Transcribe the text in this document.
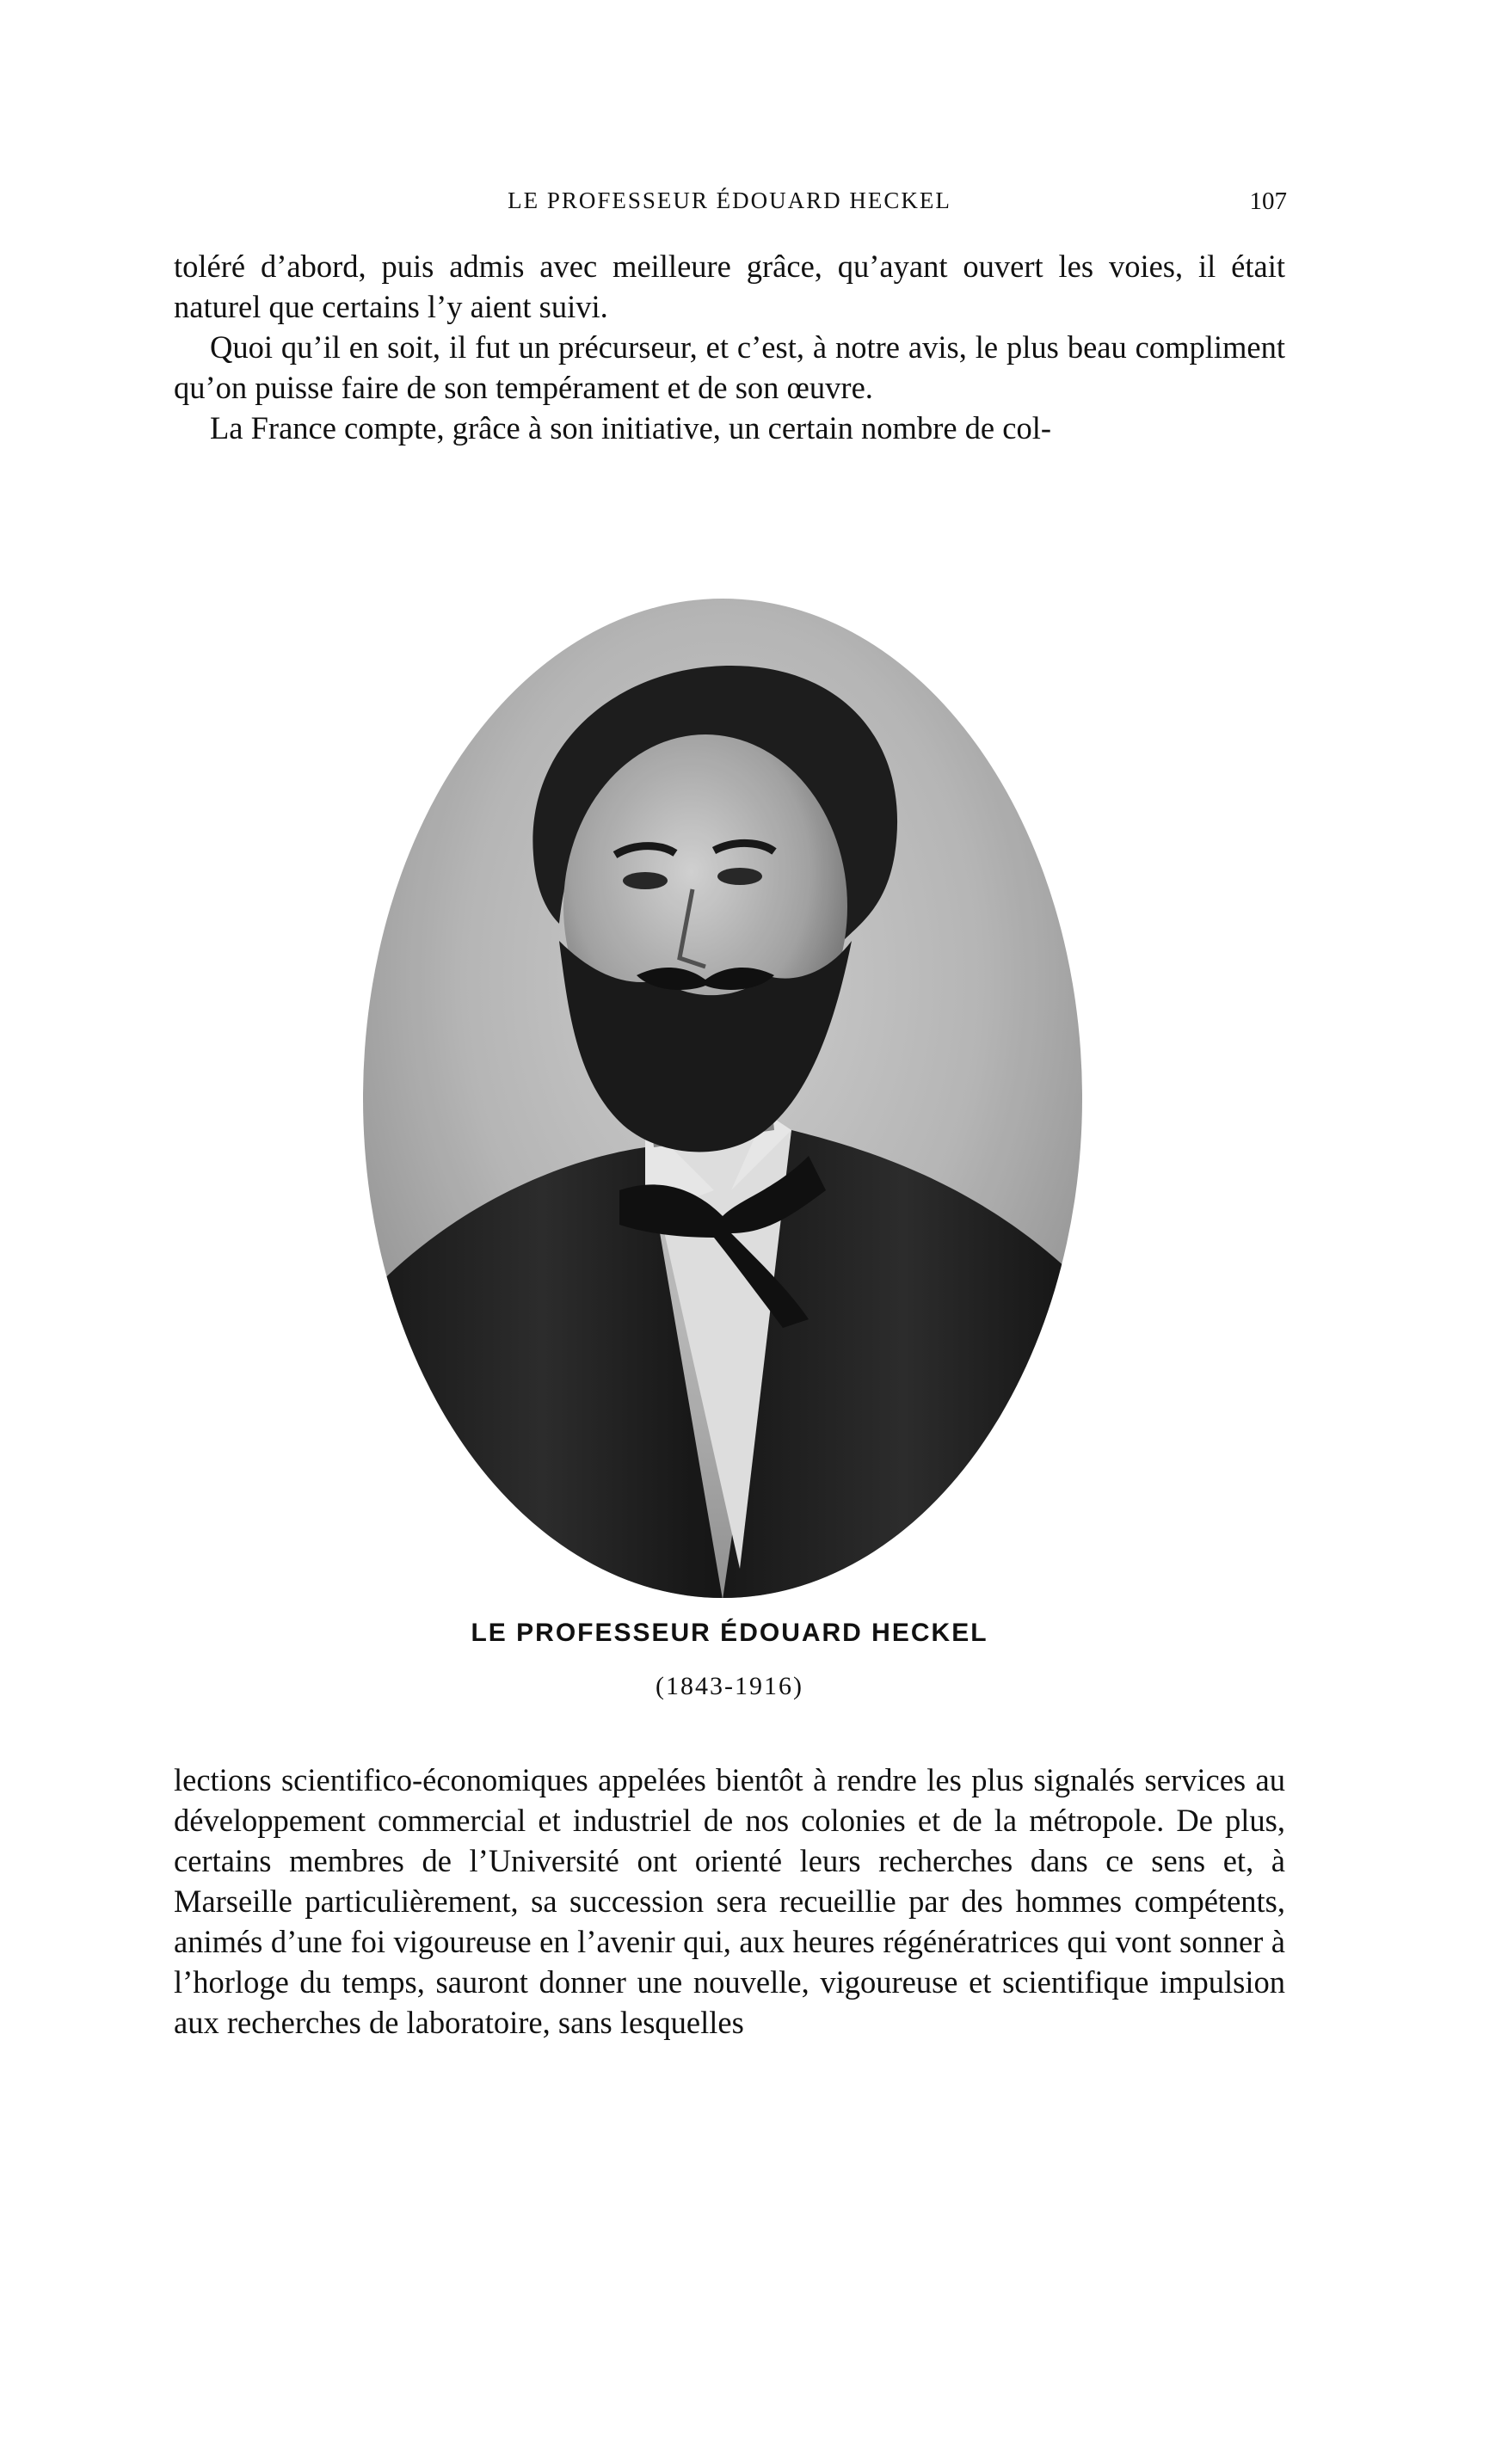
LE PROFESSEUR ÉDOUARD HECKEL	107

toléré d’abord, puis admis avec meilleure grâce, qu’ayant ouvert les voies, il était naturel que certains l’y aient suivi.

Quoi qu’il en soit, il fut un précurseur, et c’est, à notre avis, le plus beau compliment qu’on puisse faire de son tempérament et de son œuvre.

La France compte, grâce à son initiative, un certain nombre de col-

LE PROFESSEUR ÉDOUARD HECKEL
(1843-1916)

lections scientifico-économiques appelées bientôt à rendre les plus signalés services au développement commercial et industriel de nos colonies et de la métropole. De plus, certains membres de l’Université ont orienté leurs recherches dans ce sens et, à Marseille particulièrement, sa succession sera recueillie par des hommes compétents, animés d’une foi vigoureuse en l’avenir qui, aux heures régénératrices qui vont sonner à l’horloge du temps, sauront donner une nouvelle, vigoureuse et scientifique impulsion aux recherches de laboratoire, sans lesquelles
